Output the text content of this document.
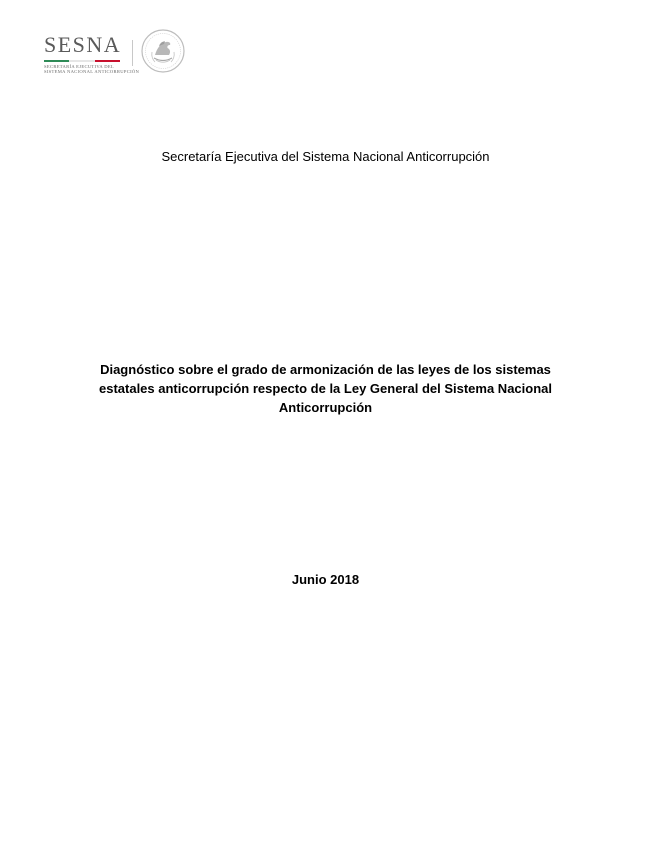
SESNA
SECRETARÍA EJECUTIVA DEL
SISTEMA NACIONAL ANTICORRUPCIÓN
Secretaría Ejecutiva del Sistema Nacional Anticorrupción
Diagnóstico sobre el grado de armonización de las leyes de los sistemas
estatales anticorrupción respecto de la Ley General del Sistema Nacional
Anticorrupción
Junio 2018
